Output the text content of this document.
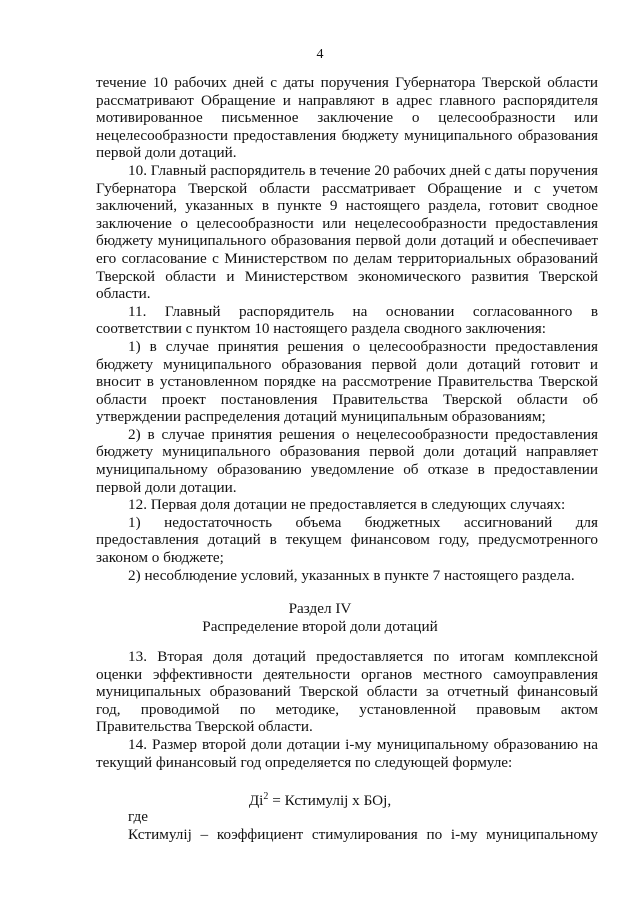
4

течение 10 рабочих дней с даты поручения Губернатора Тверской области рассматривают Обращение и направляют в адрес главного распорядителя мотивированное письменное заключение о целесообразности или нецелесообразности предоставления бюджету муниципального образования первой доли дотаций.

10. Главный распорядитель в течение 20 рабочих дней с даты поручения Губернатора Тверской области рассматривает Обращение и с учетом заключений, указанных в пункте 9 настоящего раздела, готовит сводное заключение о целесообразности или нецелесообразности предоставления бюджету муниципального образования первой доли дотаций и обеспечивает его согласование с Министерством по делам территориальных образований Тверской области и Министерством экономического развития Тверской области.

11. Главный распорядитель на основании согласованного в соответствии с пунктом 10 настоящего раздела сводного заключения:

1) в случае принятия решения о целесообразности предоставления бюджету муниципального образования первой доли дотаций готовит и вносит в установленном порядке на рассмотрение Правительства Тверской области проект постановления Правительства Тверской области об утверждении распределения дотаций муниципальным образованиям;

2) в случае принятия решения о нецелесообразности предоставления бюджету муниципального образования первой доли дотаций направляет муниципальному образованию уведомление об отказе в предоставлении первой доли дотации.

12. Первая доля дотации не предоставляется в следующих случаях:

1) недостаточность объема бюджетных ассигнований для предоставления дотаций в текущем финансовом году, предусмотренного законом о бюджете;

2) несоблюдение условий, указанных в пункте 7 настоящего раздела.

Раздел IV
Распределение второй доли дотаций

13. Вторая доля дотаций предоставляется по итогам комплексной оценки эффективности деятельности органов местного самоуправления муниципальных образований Тверской области за отчетный финансовый год, проводимой по методике, установленной правовым актом Правительства Тверской области.

14. Размер второй доли дотации i-му муниципальному образованию на текущий финансовый год определяется по следующей формуле:

$Дi^2$ = Кстимулij х БОj,
где
Кстимулij – коэффициент стимулирования по i-му муниципальному
